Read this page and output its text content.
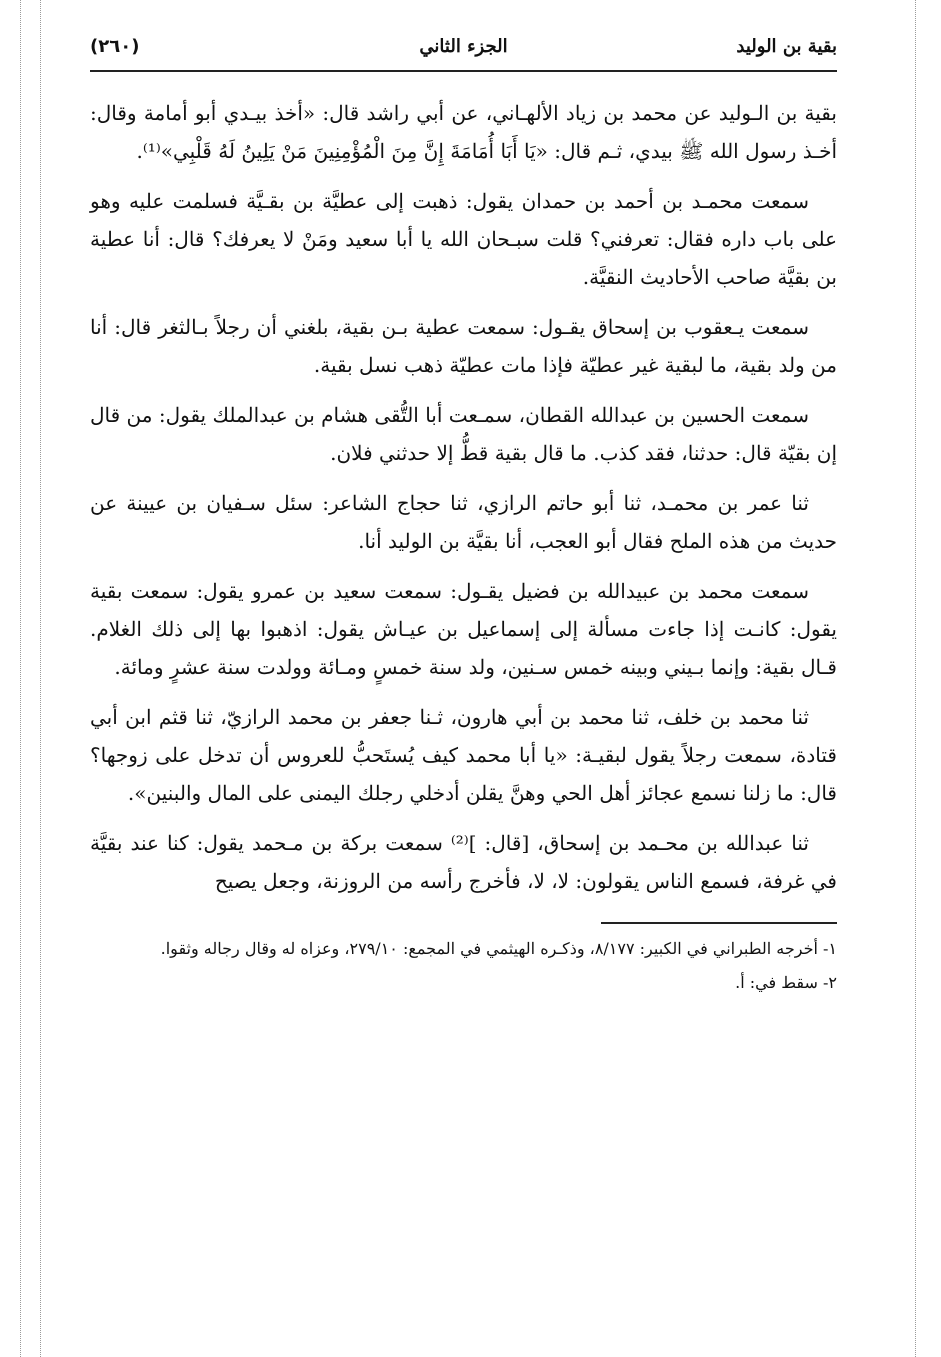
بقية بن الوليد
الجزء الثاني
(٢٦٠)

بقية بن الـوليد عن محمد بن زياد الألهـاني، عن أبي راشد قال: «أخذ بيـدي أبو أمامة وقال: أخـذ رسول الله ﷺ بيدي، ثـم قال: «يَا أَبَا أُمَامَةَ إِنَّ مِنَ الْمُؤْمِنِينَ مَنْ يَلِينُ لَهُ قَلْبِي»⁽¹⁾.

سمعت محمـد بن أحمد بن حمدان يقول: ذهبت إلى عطيَّة بن بقـيَّة فسلمت عليه وهو على باب داره فقال: تعرفني؟ قلت سبـحان الله يا أبا سعيد ومَنْ لا يعرفك؟ قال: أنا عطية بن بقيَّة صاحب الأحاديث النقيَّة.

سمعت يـعقوب بن إسحاق يقـول: سمعت عطية بـن بقية، بلغني أن رجلاً بـالثغر قال: أنا من ولد بقية، ما لبقية غير عطيّة فإذا مات عطيّة ذهب نسل بقية.

سمعت الحسين بن عبدالله القطان، سمـعت أبا التُّقى هشام بن عبدالملك يقول: من قال إن بقيّة قال: حدثنا، فقد كذب. ما قال بقية قطُّ إلا حدثني فلان.

ثنا عمر بن محمـد، ثنا أبو حاتم الرازي، ثنا حجاج الشاعر: سئل سـفيان بن عيينة عن حديث من هذه الملح فقال أبو العجب، أنا بقيَّة بن الوليد أنا.

سمعت محمد بن عبيدالله بن فضيل يقـول: سمعت سعيد بن عمرو يقول: سمعت بقية يقول: كانـت إذا جاءت مسألة إلى إسماعيل بن عيـاش يقول: اذهبوا بها إلى ذلك الغلام. قـال بقية: وإنما بـيني وبينه خمس سـنين، ولد سنة خمسٍ ومـائة وولدت سنة عشرٍ ومائة.

ثنا محمد بن خلف، ثنا محمد بن أبي هارون، ثـنا جعفر بن محمد الرازيّ، ثنا قثم ابن أبي قتادة، سمعت رجلاً يقول لبقيـة: «يا أبا محمد كيف يُستَحبُّ للعروس أن تدخل على زوجها؟ قال: ما زلنا نسمع عجائز أهل الحي وهنَّ يقلن أدخلي رجلك اليمنى على المال والبنين».

ثنا عبدالله بن محـمد بن إسحاق، [قال: ]⁽²⁾ سمعت بركة بن مـحمد يقول: كنا عند بقيَّة في غرفة، فسمع الناس يقولون: لا، لا، فأخرج رأسه من الروزنة، وجعل يصيح

١- أخرجه الطبراني في الكبير: ٨/١٧٧، وذكـره الهيثمي في المجمع: ٢٧٩/١٠، وعزاه له وقال رجاله وثقوا.

٢- سقط في: أ.
